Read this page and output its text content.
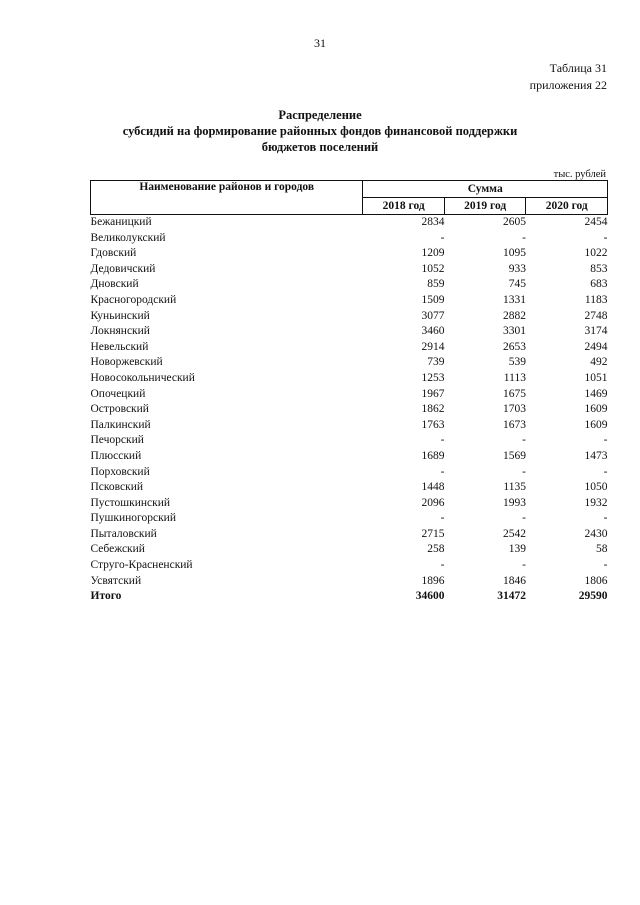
31
Таблица 31
приложения 22
Распределение
субсидий на формирование районных фондов финансовой поддержки
бюджетов поселений
тыс. рублей
Наименование районов и городов	Сумма		
	2018 год	2019 год	2020 год
Бежаницкий	2834	2605	2454
Великолукский	-	-	-
Гдовский	1209	1095	1022
Дедовичский	1052	933	853
Дновский	859	745	683
Красногородский	1509	1331	1183
Куньинский	3077	2882	2748
Локнянский	3460	3301	3174
Невельский	2914	2653	2494
Новоржевский	739	539	492
Новосокольнический	1253	1113	1051
Опочецкий	1967	1675	1469
Островский	1862	1703	1609
Палкинский	1763	1673	1609
Печорский	-	-	-
Плюсский	1689	1569	1473
Порховский	-	-	-
Псковский	1448	1135	1050
Пустошкинский	2096	1993	1932
Пушкиногорский	-	-	-
Пыталовский	2715	2542	2430
Себежский	258	139	58
Струго-Красненский	-	-	-
Усвятский	1896	1846	1806
Итого	34600	31472	29590
